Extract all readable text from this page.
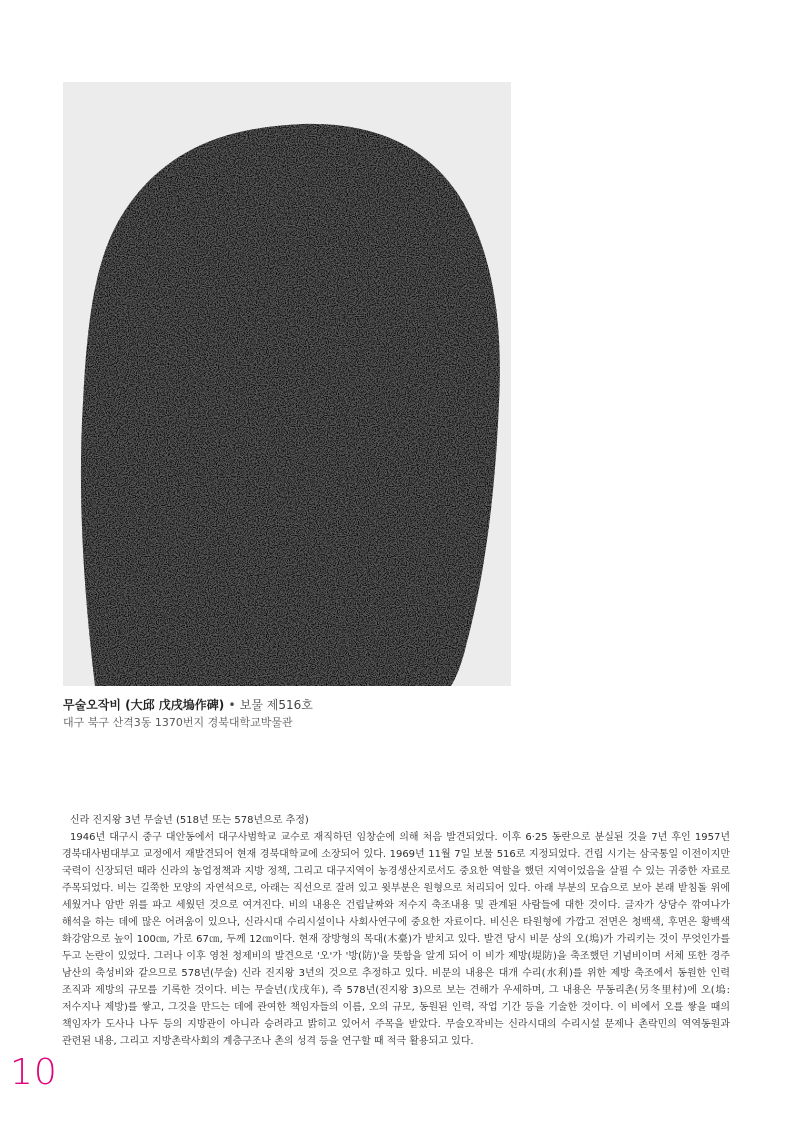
무술오작비 (大邱 戊戌塢作碑) • 보물 제516호
대구 북구 산격3동 1370번지 경북대학교박물관
신라 진지왕 3년 무술년 (518년 또는 578년으로 추정)
1946년 대구시 중구 대안동에서 대구사범학교 교수로 재직하던 임창순에 의해 처음 발견되었다. 이후 6·25 동란으로 분실된 것을 7년 후인 1957년 경북대사범대부고 교정에서 재발견되어 현재 경북대학교에 소장되어 있다. 1969년 11월 7일 보물 516로 지정되었다. 건립 시기는 삼국통일 이전이지만 국력이 신장되던 때라 신라의 농업정책과 지방 정책, 그리고 대구지역이 농경생산지로서도 중요한 역할을 했던 지역이었음을 살필 수 있는 귀중한 자료로 주목되었다. 비는 길쭉한 모양의 자연석으로, 아래는 직선으로 잘려 있고 윗부분은 원형으로 처리되어 있다. 아래 부분의 모습으로 보아 본래 받침돌 위에 세웠거나 암반 위를 파고 세웠던 것으로 여겨진다. 비의 내용은 건립날짜와 저수지 축조내용 및 관계된 사람들에 대한 것이다. 글자가 상당수 깎여나가 해석을 하는 데에 많은 어려움이 있으나, 신라시대 수리시설이나 사회사연구에 중요한 자료이다. 비신은 타원형에 가깝고 전면은 청백색, 후면은 황백색 화강암으로 높이 100㎝, 가로 67㎝, 두께 12㎝이다. 현재 장방형의 목대(木臺)가 받치고 있다. 발견 당시 비문 상의 오(塢)가 가리키는 것이 무엇인가를 두고 논란이 있었다. 그러나 이후 영천 청제비의 발견으로 '오'가 '방(防)'을 뜻함을 알게 되어 이 비가 제방(堤防)을 축조했던 기념비이며 서체 또한 경주 남산의 축성비와 같으므로 578년(무술) 신라 진지왕 3년의 것으로 추정하고 있다. 비문의 내용은 대개 수리(水利)를 위한 제방 축조에서 동원한 인력 조직과 제방의 규모를 기록한 것이다. 비는 무술년(戊戌年), 즉 578년(진지왕 3)으로 보는 견해가 우세하며, 그 내용은 무동리촌(另冬里村)에 오(塢:저수지나 제방)를 쌓고, 그것을 만드는 데에 관여한 책임자들의 이름, 오의 규모, 동원된 인력, 작업 기간 등을 기술한 것이다. 이 비에서 오를 쌓을 때의 책임자가 도사나 나두 등의 지방관이 아니라 승려라고 밝히고 있어서 주목을 받았다. 무술오작비는 신라시대의 수리시설 문제나 촌락민의 역역동원과 관련된 내용, 그리고 지방촌락사회의 계층구조나 촌의 성격 등을 연구할 때 적극 활용되고 있다.
10
